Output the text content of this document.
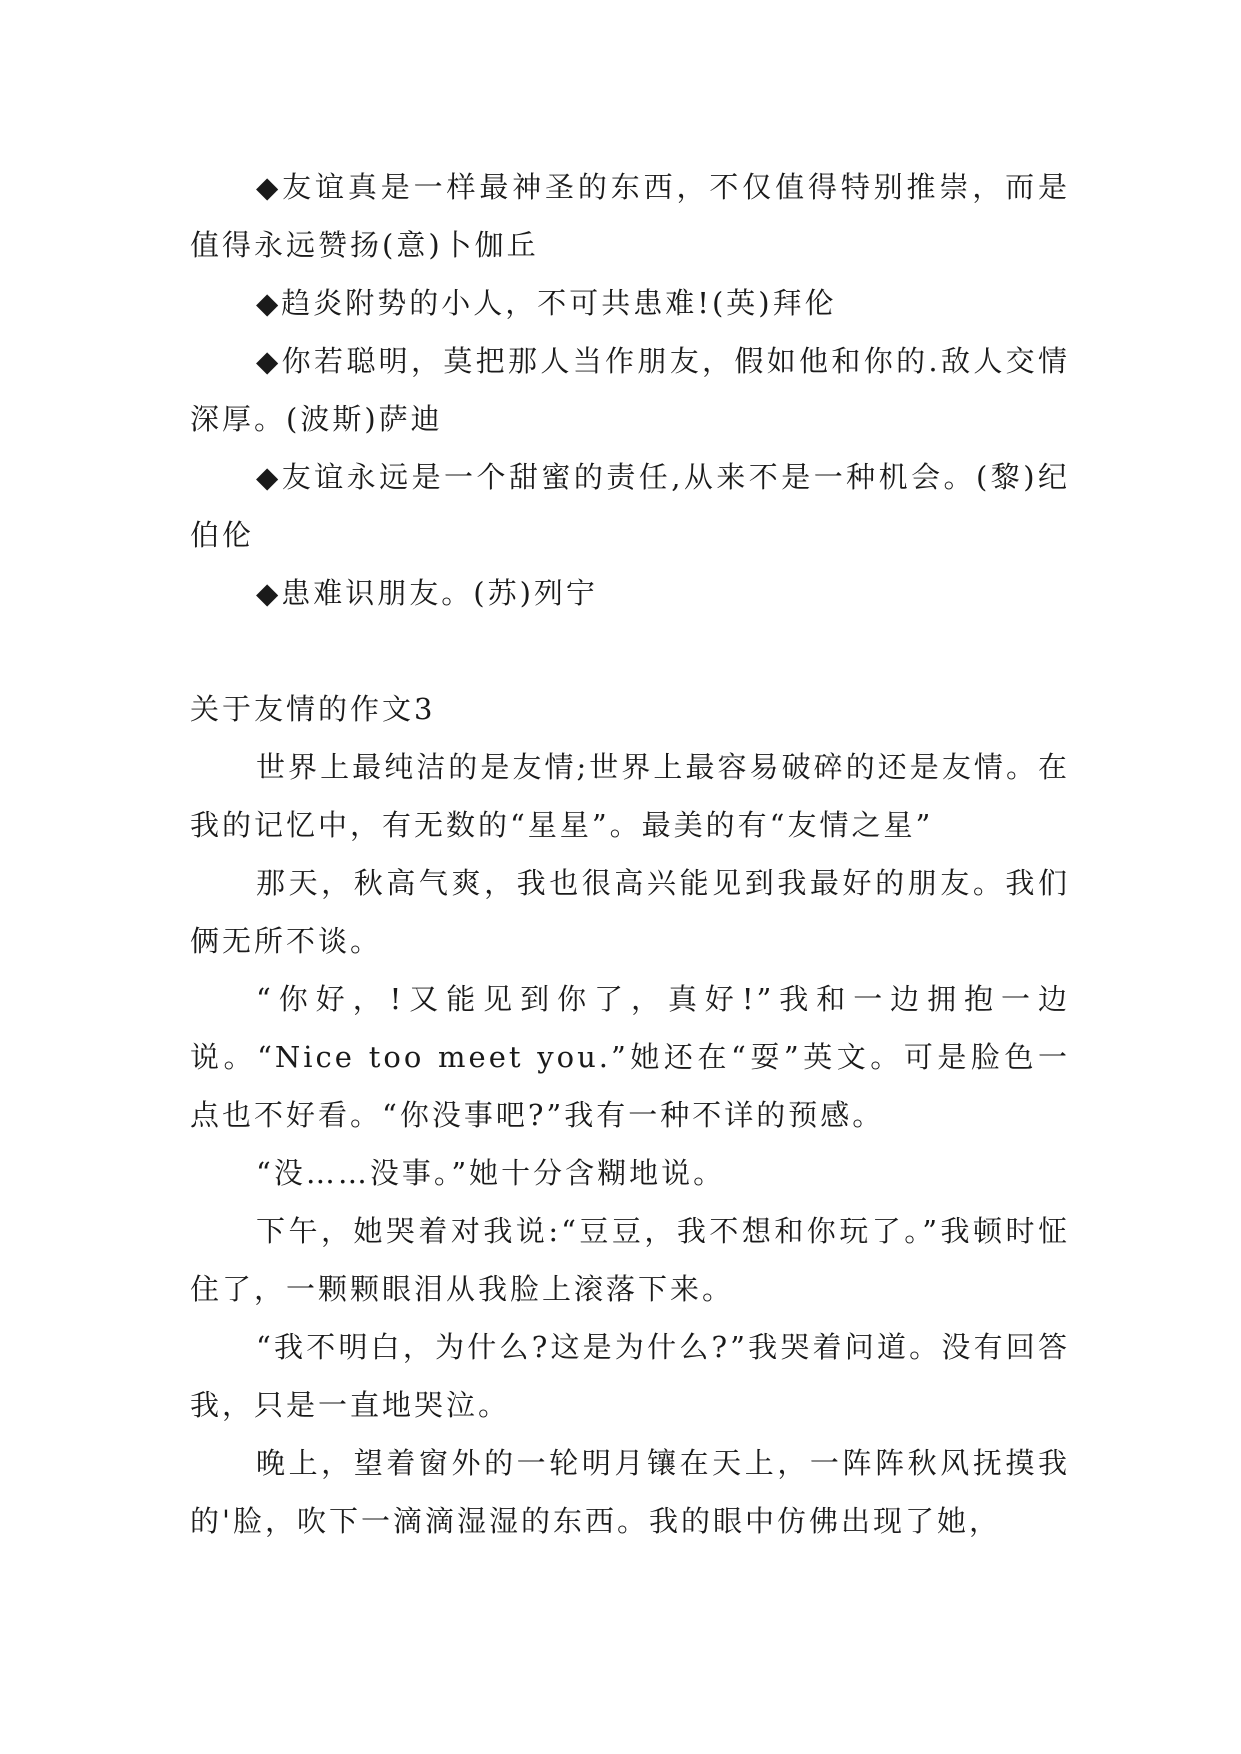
◆友谊真是一样最神圣的东西，不仅值得特别推崇，而是值得永远赞扬(意)卜伽丘

◆趋炎附势的小人，不可共患难!(英)拜伦

◆你若聪明，莫把那人当作朋友，假如他和你的.敌人交情深厚。(波斯)萨迪

◆友谊永远是一个甜蜜的责任,从来不是一种机会。(黎)纪伯伦

◆患难识朋友。(苏)列宁

关于友情的作文3

世界上最纯洁的是友情;世界上最容易破碎的还是友情。在我的记忆中，有无数的“星星”。最美的有“友情之星”

那天，秋高气爽，我也很高兴能见到我最好的朋友。我们俩无所不谈。

“你好，!又能见到你了，真好!”我和一边拥抱一边说。“Nice too meet you.”她还在“耍”英文。可是脸色一点也不好看。“你没事吧?”我有一种不详的预感。

“没……没事。”她十分含糊地说。

下午，她哭着对我说:“豆豆，我不想和你玩了。”我顿时怔住了，一颗颗眼泪从我脸上滚落下来。

“我不明白，为什么?这是为什么?”我哭着问道。没有回答我，只是一直地哭泣。

晚上，望着窗外的一轮明月镶在天上，一阵阵秋风抚摸我的'脸，吹下一滴滴湿湿的东西。我的眼中仿佛出现了她，
